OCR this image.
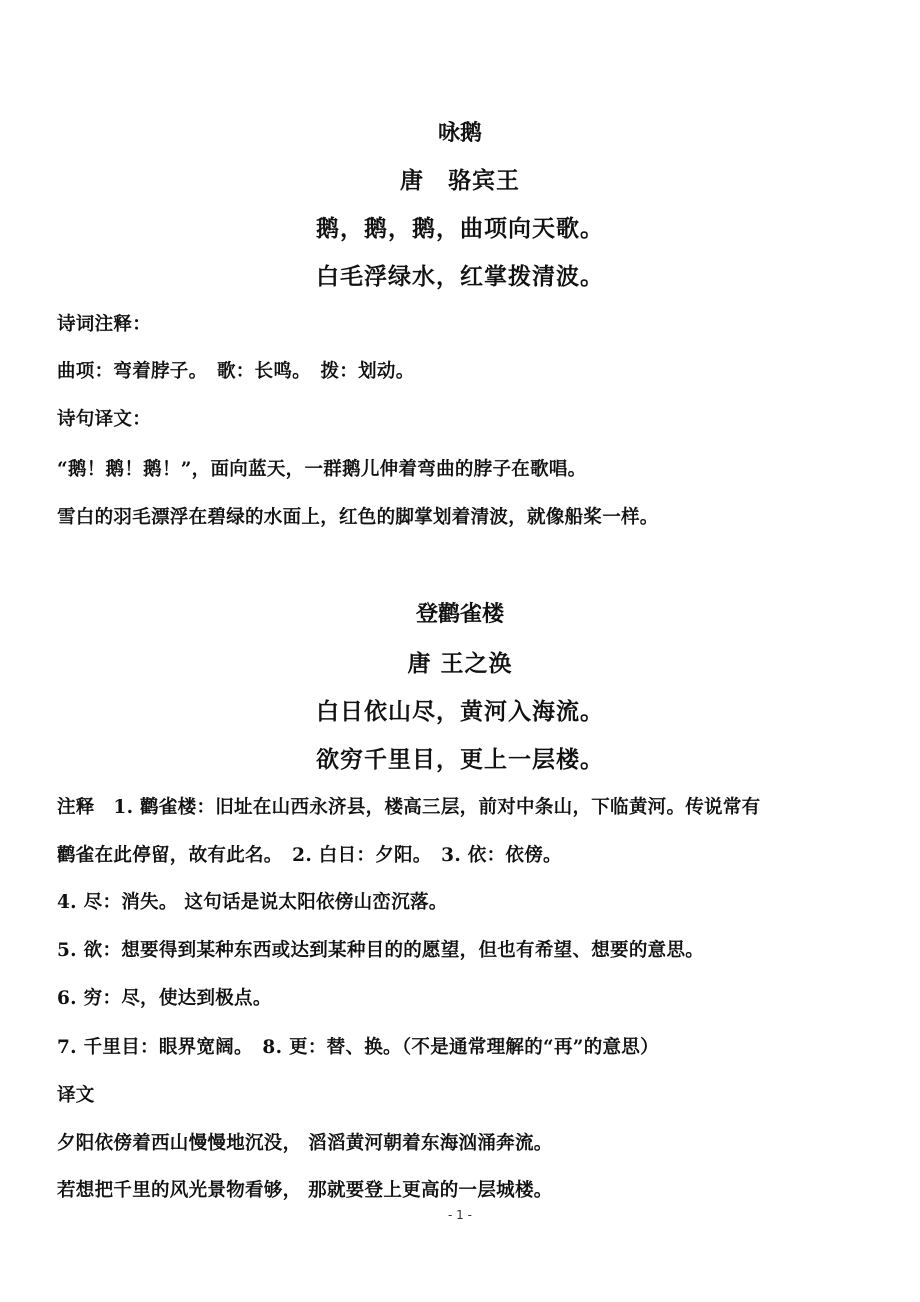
咏鹅
唐　骆宾王
鹅，鹅，鹅，曲项向天歌。
白毛浮绿水，红掌拨清波。
诗词注释：
曲项：弯着脖子。　歌：长鸣。　拨：划动。
诗句译文：
“鹅！鹅！鹅！”，面向蓝天，一群鹅儿伸着弯曲的脖子在歌唱。
雪白的羽毛漂浮在碧绿的水面上，红色的脚掌划着清波，就像船桨一样。
登鹳雀楼
唐 王之涣
白日依山尽，黄河入海流。
欲穷千里目，更上一层楼。
注释　1. 鹳雀楼：旧址在山西永济县，楼高三层，前对中条山，下临黄河。传说常有
鹳雀在此停留，故有此名。　2. 白日：夕阳。　3. 依：依傍。
4. 尽：消失。 这句话是说太阳依傍山峦沉落。
5. 欲：想要得到某种东西或达到某种目的的愿望，但也有希望、想要的意思。
6. 穷：尽，使达到极点。
7. 千里目：眼界宽阔。　8. 更：替、换。（不是通常理解的“再”的意思）
译文
夕阳依傍着西山慢慢地沉没， 滔滔黄河朝着东海汹涌奔流。
若想把千里的风光景物看够， 那就要登上更高的一层城楼。
- 1 -
